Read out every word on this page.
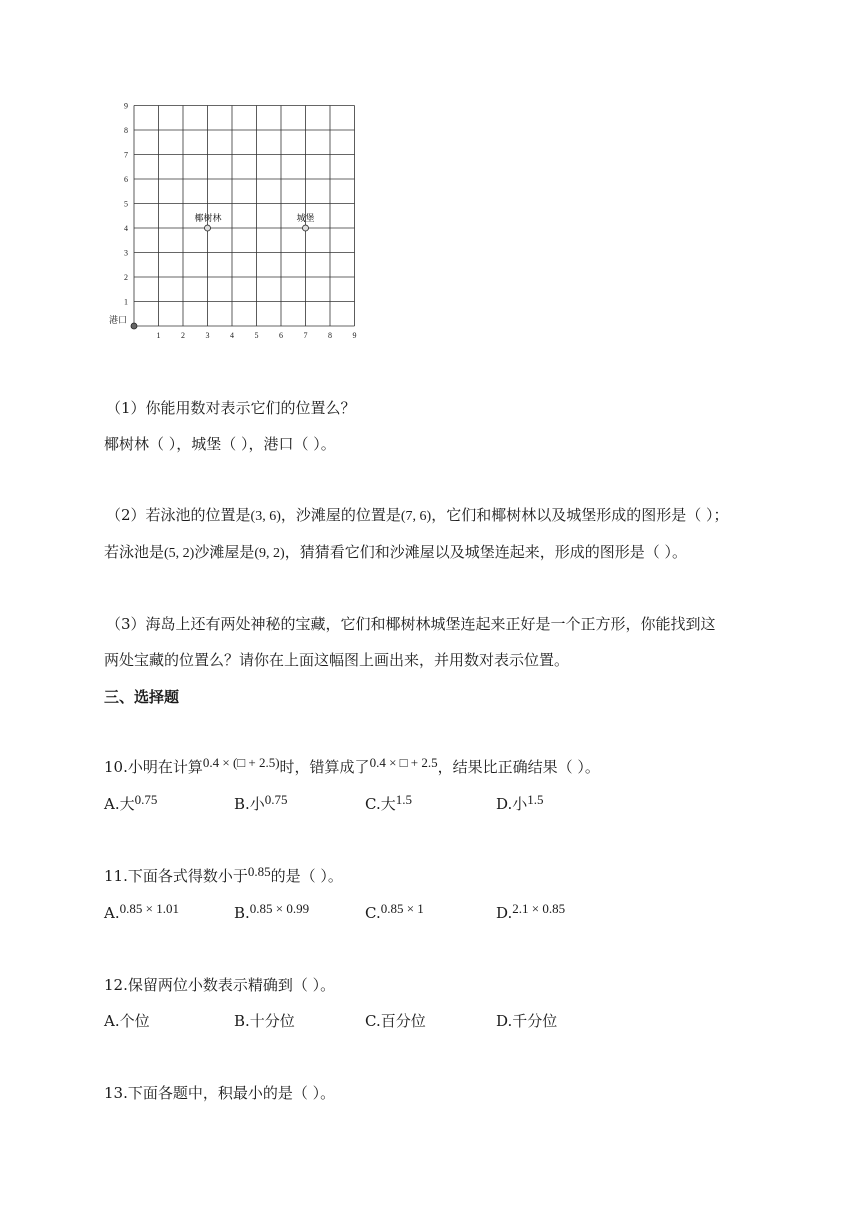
1
2
3
4
5
6
7
8
9
1	2	3	4	5	6	7	8	9
椰树林	城堡
港口
（1）你能用数对表示它们的位置么？
椰树林（ ），城堡（ ），港口（ ）。
（2）若泳池的位置是(3, 6)，沙滩屋的位置是(7, 6)，它们和椰树林以及城堡形成的图形是（ ）；
若泳池是(5, 2)沙滩屋是(9, 2)，猜猜看它们和沙滩屋以及城堡连起来，形成的图形是（ ）。
（3）海岛上还有两处神秘的宝藏，它们和椰树林城堡连起来正好是一个正方形，你能找到这
两处宝藏的位置么？请你在上面这幅图上画出来，并用数对表示位置。
三、选择题
10.小明在计算0.4 × (□ + 2.5)时，错算成了0.4 × □ + 2.5，结果比正确结果（ ）。
A.大0.75	B.小0.75	C.大1.5	D.小1.5
11.下面各式得数小于0.85的是（ ）。
A.0.85 × 1.01	B.0.85 × 0.99	C.0.85 × 1	D.2.1 × 0.85
12.保留两位小数表示精确到（ ）。
A.个位	B.十分位	C.百分位	D.千分位
13.下面各题中，积最小的是（ ）。
